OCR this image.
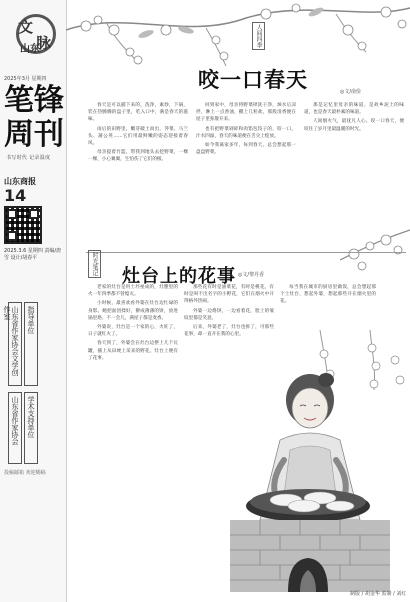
文
脉
山东
2025年3月 星期四
笔锋周刊
书写时代 记录温度
山东商报
14
2025.3.6 星期四 责编/唐 雪 设计/胡春平
山东省作家协会文学创作室	指导单位
山东省作家协会	学术支持单位
投稿邮箱 欢迎赐稿
人间四季
咬一口春天	◎文/俞俭

春天是可以捕下来的，洗净，素炒，下锅，装在热腾腾的盘子里，吃入口中，满是春天的滋味。

雨后的田野里，嫩芽破土而出，荠菜、马兰头、蒲公英……它们用最鲜嫩的姿态迎接着春风。

母亲提着竹篮，带我到地头去挖野菜，一棵一棵，小心翼翼，生怕伤了它们的根。

回到家中，母亲将野菜择洗干净，焯水后凉拌，淋上一点香油，撒上几粒盐，那股清香便在屋子里弥散开来。

也有把野菜剁碎和肉馅包饺子的，咬一口，汁水四溢，春天的味道便在舌尖上绽放。

如今我离家多年，每到春天，总会想起那一盘盘野菜。

那是记忆里母亲的味道，是故乡泥土的味道，也是春天最朴素的味道。

人间烟火气，最抚凡人心。咬一口春天，便咬住了岁月里最温暖的时光。

时光笔记
灶台上的花事 ◎文/黎丹香

老家的灶台是用土坯垒成的，灶膛里的火一年四季都不曾熄灭。

小时候，最喜欢看外婆在灶台边忙碌的身影。她把面团揉好，擀成薄薄的饼，放进锅里烙，不一会儿，满屋子都是麦香。

外婆说，灶台是一个家的心，火旺了，日子就红火了。

春天到了，外婆会在灶台边摆上几个瓦罐，插上从田埂上采来的野花，灶台上便有了花事。

那些花有时是油菜花，有时是桃花，有时是叫不出名字的小野花，它们在烟火中开得格外热闹。

外婆一边烙饼，一边看着花，脸上的皱纹里都是笑意。

后来，外婆老了，灶台也拆了，可那些花事，却一直开在我的心里。

每当我在城市的厨房里做饭，总会想起那个土灶台，想起外婆，想起那些开在烟火里的花。

制版 / 胡金华 监制 / 刘红
